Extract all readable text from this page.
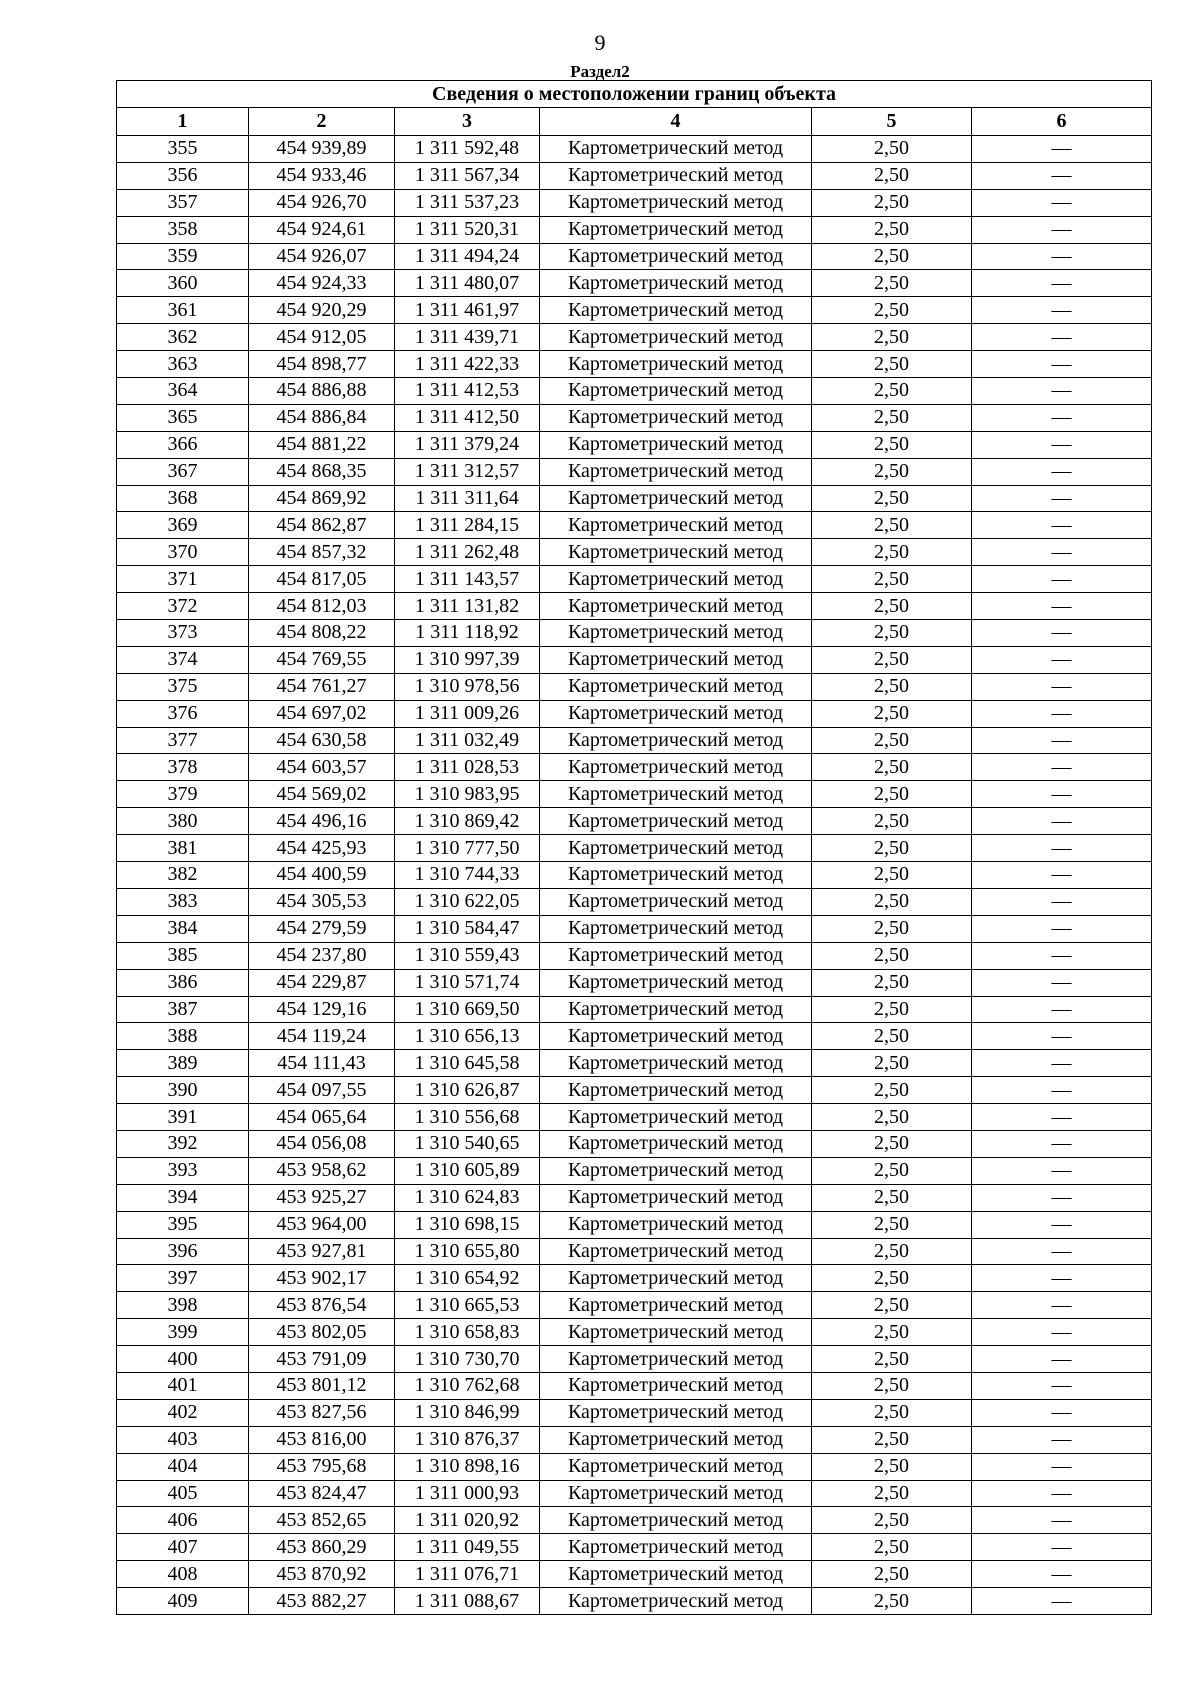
9
Раздел2
Сведения о местоположении границ объекта					
1	2	3	4	5	6
355	454 939,89	1 311 592,48	Картометрический метод	2,50	—
356	454 933,46	1 311 567,34	Картометрический метод	2,50	—
357	454 926,70	1 311 537,23	Картометрический метод	2,50	—
358	454 924,61	1 311 520,31	Картометрический метод	2,50	—
359	454 926,07	1 311 494,24	Картометрический метод	2,50	—
360	454 924,33	1 311 480,07	Картометрический метод	2,50	—
361	454 920,29	1 311 461,97	Картометрический метод	2,50	—
362	454 912,05	1 311 439,71	Картометрический метод	2,50	—
363	454 898,77	1 311 422,33	Картометрический метод	2,50	—
364	454 886,88	1 311 412,53	Картометрический метод	2,50	—
365	454 886,84	1 311 412,50	Картометрический метод	2,50	—
366	454 881,22	1 311 379,24	Картометрический метод	2,50	—
367	454 868,35	1 311 312,57	Картометрический метод	2,50	—
368	454 869,92	1 311 311,64	Картометрический метод	2,50	—
369	454 862,87	1 311 284,15	Картометрический метод	2,50	—
370	454 857,32	1 311 262,48	Картометрический метод	2,50	—
371	454 817,05	1 311 143,57	Картометрический метод	2,50	—
372	454 812,03	1 311 131,82	Картометрический метод	2,50	—
373	454 808,22	1 311 118,92	Картометрический метод	2,50	—
374	454 769,55	1 310 997,39	Картометрический метод	2,50	—
375	454 761,27	1 310 978,56	Картометрический метод	2,50	—
376	454 697,02	1 311 009,26	Картометрический метод	2,50	—
377	454 630,58	1 311 032,49	Картометрический метод	2,50	—
378	454 603,57	1 311 028,53	Картометрический метод	2,50	—
379	454 569,02	1 310 983,95	Картометрический метод	2,50	—
380	454 496,16	1 310 869,42	Картометрический метод	2,50	—
381	454 425,93	1 310 777,50	Картометрический метод	2,50	—
382	454 400,59	1 310 744,33	Картометрический метод	2,50	—
383	454 305,53	1 310 622,05	Картометрический метод	2,50	—
384	454 279,59	1 310 584,47	Картометрический метод	2,50	—
385	454 237,80	1 310 559,43	Картометрический метод	2,50	—
386	454 229,87	1 310 571,74	Картометрический метод	2,50	—
387	454 129,16	1 310 669,50	Картометрический метод	2,50	—
388	454 119,24	1 310 656,13	Картометрический метод	2,50	—
389	454 111,43	1 310 645,58	Картометрический метод	2,50	—
390	454 097,55	1 310 626,87	Картометрический метод	2,50	—
391	454 065,64	1 310 556,68	Картометрический метод	2,50	—
392	454 056,08	1 310 540,65	Картометрический метод	2,50	—
393	453 958,62	1 310 605,89	Картометрический метод	2,50	—
394	453 925,27	1 310 624,83	Картометрический метод	2,50	—
395	453 964,00	1 310 698,15	Картометрический метод	2,50	—
396	453 927,81	1 310 655,80	Картометрический метод	2,50	—
397	453 902,17	1 310 654,92	Картометрический метод	2,50	—
398	453 876,54	1 310 665,53	Картометрический метод	2,50	—
399	453 802,05	1 310 658,83	Картометрический метод	2,50	—
400	453 791,09	1 310 730,70	Картометрический метод	2,50	—
401	453 801,12	1 310 762,68	Картометрический метод	2,50	—
402	453 827,56	1 310 846,99	Картометрический метод	2,50	—
403	453 816,00	1 310 876,37	Картометрический метод	2,50	—
404	453 795,68	1 310 898,16	Картометрический метод	2,50	—
405	453 824,47	1 311 000,93	Картометрический метод	2,50	—
406	453 852,65	1 311 020,92	Картометрический метод	2,50	—
407	453 860,29	1 311 049,55	Картометрический метод	2,50	—
408	453 870,92	1 311 076,71	Картометрический метод	2,50	—
409	453 882,27	1 311 088,67	Картометрический метод	2,50	—
